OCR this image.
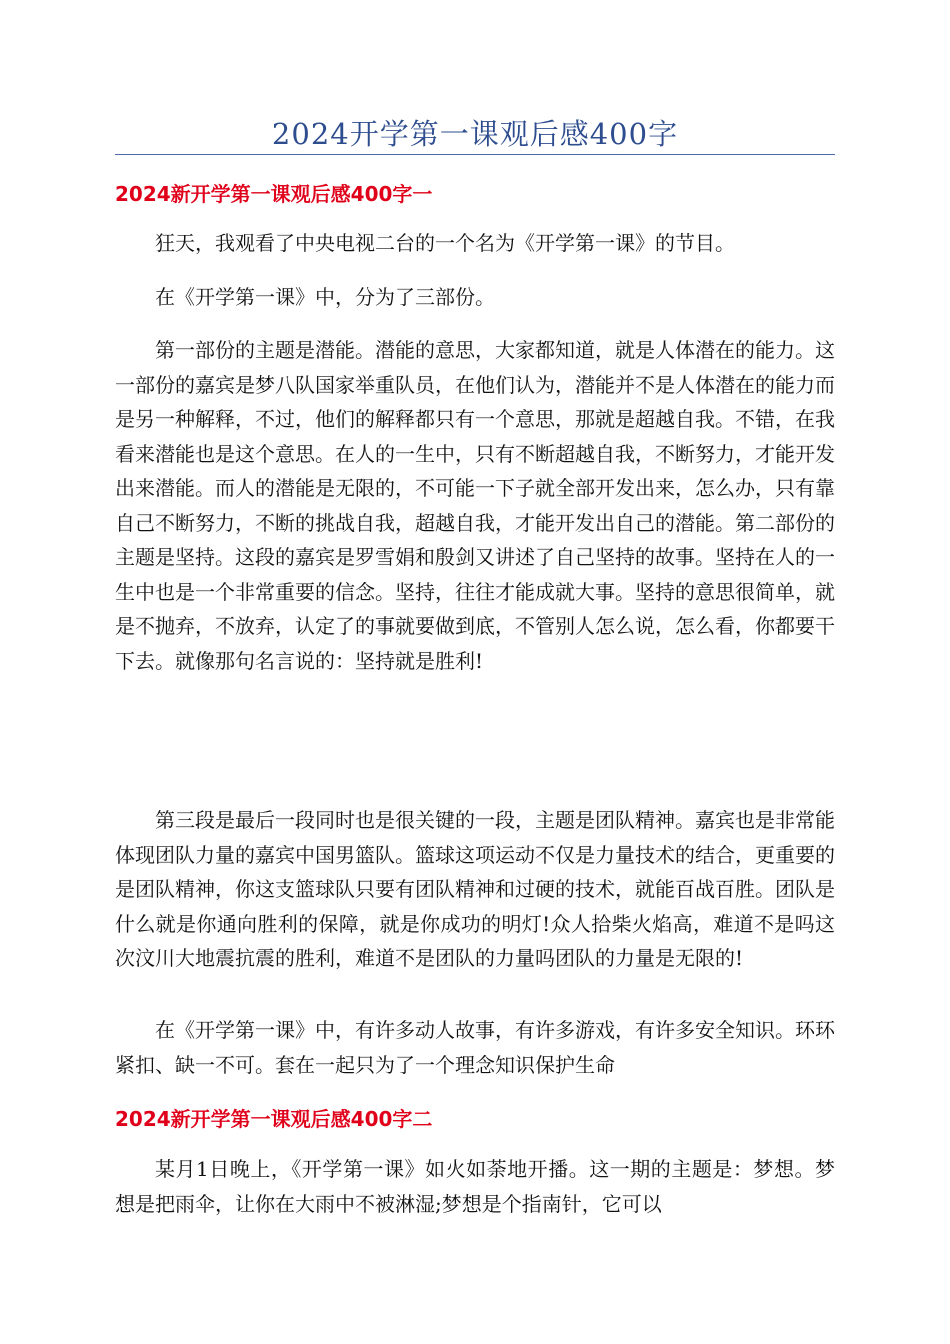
2024开学第一课观后感400字
2024新开学第一课观后感400字一

狂天，我观看了中央电视二台的一个名为《开学第一课》的节目。

在《开学第一课》中，分为了三部份。

第一部份的主题是潜能。潜能的意思，大家都知道，就是人体潜在的能力。这一部份的嘉宾是梦八队国家举重队员，在他们认为，潜能并不是人体潜在的能力而是另一种解释，不过，他们的解释都只有一个意思，那就是超越自我。不错，在我看来潜能也是这个意思。在人的一生中，只有不断超越自我，不断努力，才能开发出来潜能。而人的潜能是无限的，不可能一下子就全部开发出来，怎么办，只有靠自己不断努力，不断的挑战自我，超越自我，才能开发出自己的潜能。第二部份的主题是坚持。这段的嘉宾是罗雪娟和殷剑又讲述了自己坚持的故事。坚持在人的一生中也是一个非常重要的信念。坚持，往往才能成就大事。坚持的意思很简单，就是不抛弃，不放弃，认定了的事就要做到底，不管别人怎么说，怎么看，你都要干下去。就像那句名言说的：坚持就是胜利!

第三段是最后一段同时也是很关键的一段，主题是团队精神。嘉宾也是非常能体现团队力量的嘉宾中国男篮队。篮球这项运动不仅是力量技术的结合，更重要的是团队精神，你这支篮球队只要有团队精神和过硬的技术，就能百战百胜。团队是什么就是你通向胜利的保障，就是你成功的明灯!众人拾柴火焰高，难道不是吗这次汶川大地震抗震的胜利，难道不是团队的力量吗团队的力量是无限的!

在《开学第一课》中，有许多动人故事，有许多游戏，有许多安全知识。环环紧扣、缺一不可。套在一起只为了一个理念知识保护生命

2024新开学第一课观后感400字二

某月1日晚上，《开学第一课》如火如荼地开播。这一期的主题是：梦想。梦想是把雨伞，让你在大雨中不被淋湿;梦想是个指南针，它可以
